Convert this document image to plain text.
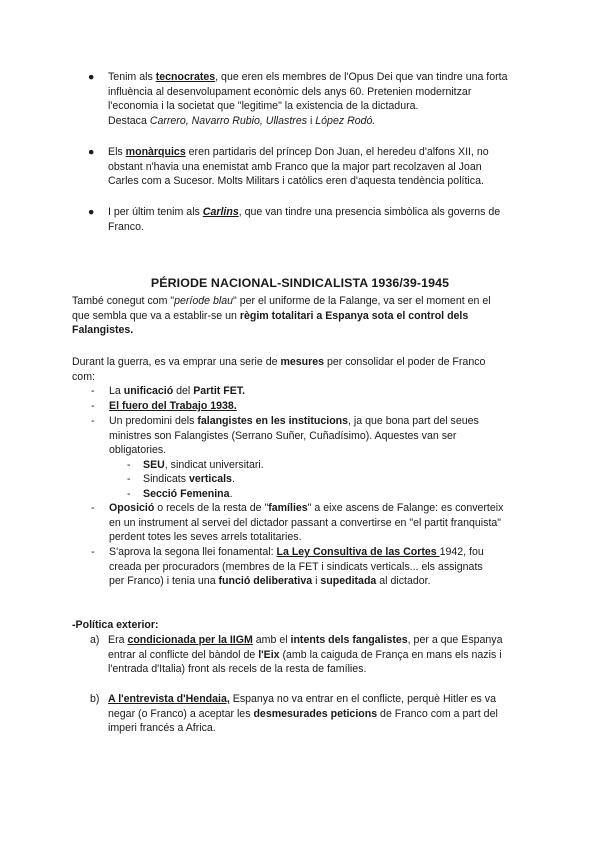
●	Tenim als tecnocrates, que eren els membres de l'Opus Dei que van tindre una forta
influència al desenvolupament econòmic dels anys 60. Pretenien modernitzar
l'economia i la societat que "legitime" la existencia de la dictadura.
Destaca Carrero, Navarro Rubio, Ullastres i López Rodó.
●	Els monàrquics eren partidaris del príncep Don Juan, el heredeu d'alfons XII, no
obstant n'havia una enemistat amb Franco que la major part recolzaven al Joan
Carles com a Sucesor. Molts Militars i catòlics eren d'aquesta tendència política.
●	I per últim tenim als Carlins, que van tindre una presencia simbòlica als governs de
Franco.
PÉRIODE NACIONAL-SINDICALISTA 1936/39-1945
També conegut com "període blau" per el uniforme de la Falange, va ser el moment en el
que sembla que va a establir-se un règim totalitari a Espanya sota el control dels
Falangistes.
Durant la guerra, es va emprar una serie de mesures per consolidar el poder de Franco
com:
- La unificació del Partit FET.
- El fuero del Trabajo 1938.
- Un predomini dels falangistes en les institucions, ja que bona part del seues
ministres son Falangistes (Serrano Suñer, Cuñadísimo). Aquestes van ser
obligatories.
- SEU, sindicat universitari.
- Sindicats verticals.
- Secció Femenina.
- Oposició o recels de la resta de "famílies" a eixe ascens de Falange: es converteix
en un instrument al servei del dictador passant a convertirse en "el partit franquista"
perdent totes les seves arrels totalitaries.
- S'aprova la segona llei fonamental: La Ley Consultiva de las Cortes 1942, fou
creada per procuradors (membres de la FET i sindicats verticals... els assignats
per Franco) i tenia una funció deliberativa i supeditada al dictador.
-Política exterior:
a) Era condicionada per la IIGM amb el intents dels fangalistes, per a que Espanya
entrar al conflicte del bàndol de l'Eix (amb la caiguda de França en mans els nazis i
l'entrada d'Italia) front als recels de la resta de famílies.
b) A l'entrevista d'Hendaia, Espanya no va entrar en el conflicte, perquè Hitler es va
negar (o Franco) a aceptar les desmesurades peticions de Franco com a part del
imperi francés a Africa.
